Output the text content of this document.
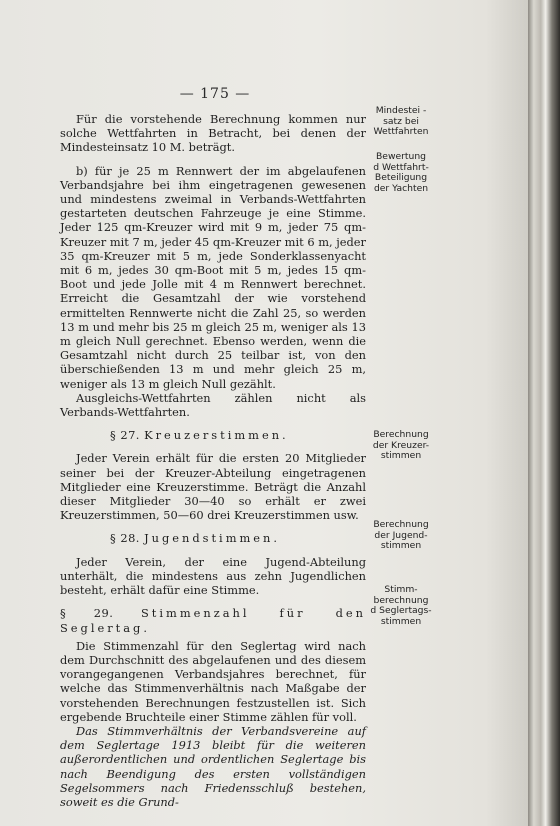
— 175 —

Für die vorstehende Berechnung kommen nur solche Wettfahrten in Betracht, bei denen der Mindesteinsatz 10 M. beträgt.

b) für je 25 m Rennwert der im abgelaufenen Verbandsjahre bei ihm eingetragenen gewesenen und mindestens zweimal in Verbands-Wettfahrten gestarteten deutschen Fahrzeuge je eine Stimme. Jeder 125 qm-Kreuzer wird mit 9 m, jeder 75 qm-Kreuzer mit 7 m, jeder 45 qm-Kreuzer mit 6 m, jeder 35 qm-Kreuzer mit 5 m, jede Sonderklassenyacht mit 6 m, jedes 30 qm-Boot mit 5 m, jedes 15 qm-Boot und jede Jolle mit 4 m Rennwert berechnet. Erreicht die Gesamtzahl der wie vorstehend ermittelten Rennwerte nicht die Zahl 25, so werden 13 m und mehr bis 25 m gleich 25 m, weniger als 13 m gleich Null gerechnet. Ebenso werden, wenn die Gesamtzahl nicht durch 25 teilbar ist, von den überschießenden 13 m und mehr gleich 25 m, weniger als 13 m gleich Null gezählt.

Ausgleichs-Wettfahrten zählen nicht als Verbands-Wettfahrten.

§ 27. Kreuzerstimmen.

Jeder Verein erhält für die ersten 20 Mitglieder seiner bei der Kreuzer-Abteilung eingetragenen Mitglieder eine Kreuzerstimme. Beträgt die Anzahl dieser Mitglieder 30—40 so erhält er zwei Kreuzerstimmen, 50—60 drei Kreuzerstimmen usw.

§ 28. Jugendstimmen.

Jeder Verein, der eine Jugend-Abteilung unterhält, die mindestens aus zehn Jugendlichen besteht, erhält dafür eine Stimme.

§ 29. Stimmenzahl für den Seglertag.

Die Stimmenzahl für den Seglertag wird nach dem Durchschnitt des abgelaufenen und des diesem vorangegangenen Verbandsjahres berechnet, für welche das Stimmenverhältnis nach Maßgabe der vorstehenden Berechnungen festzustellen ist. Sich ergebende Bruchteile einer Stimme zählen für voll.

Das Stimmverhältnis der Verbandsvereine auf dem Seglertage 1913 bleibt für die weiteren außerordentlichen und ordentlichen Seglertage bis nach Beendigung des ersten vollständigen Segelsommers nach Friedensschluß bestehen, soweit es die Grund-

Mindestei -
satz bei
Wettfahrten
Bewertung
d Wettfahrt-
Beteiligung
der Yachten
Berechnung
der Kreuzer-
stimmen
Berechnung
der Jugend-
stimmen
Stimm-
berechnung
d Seglertags-
stimmen
